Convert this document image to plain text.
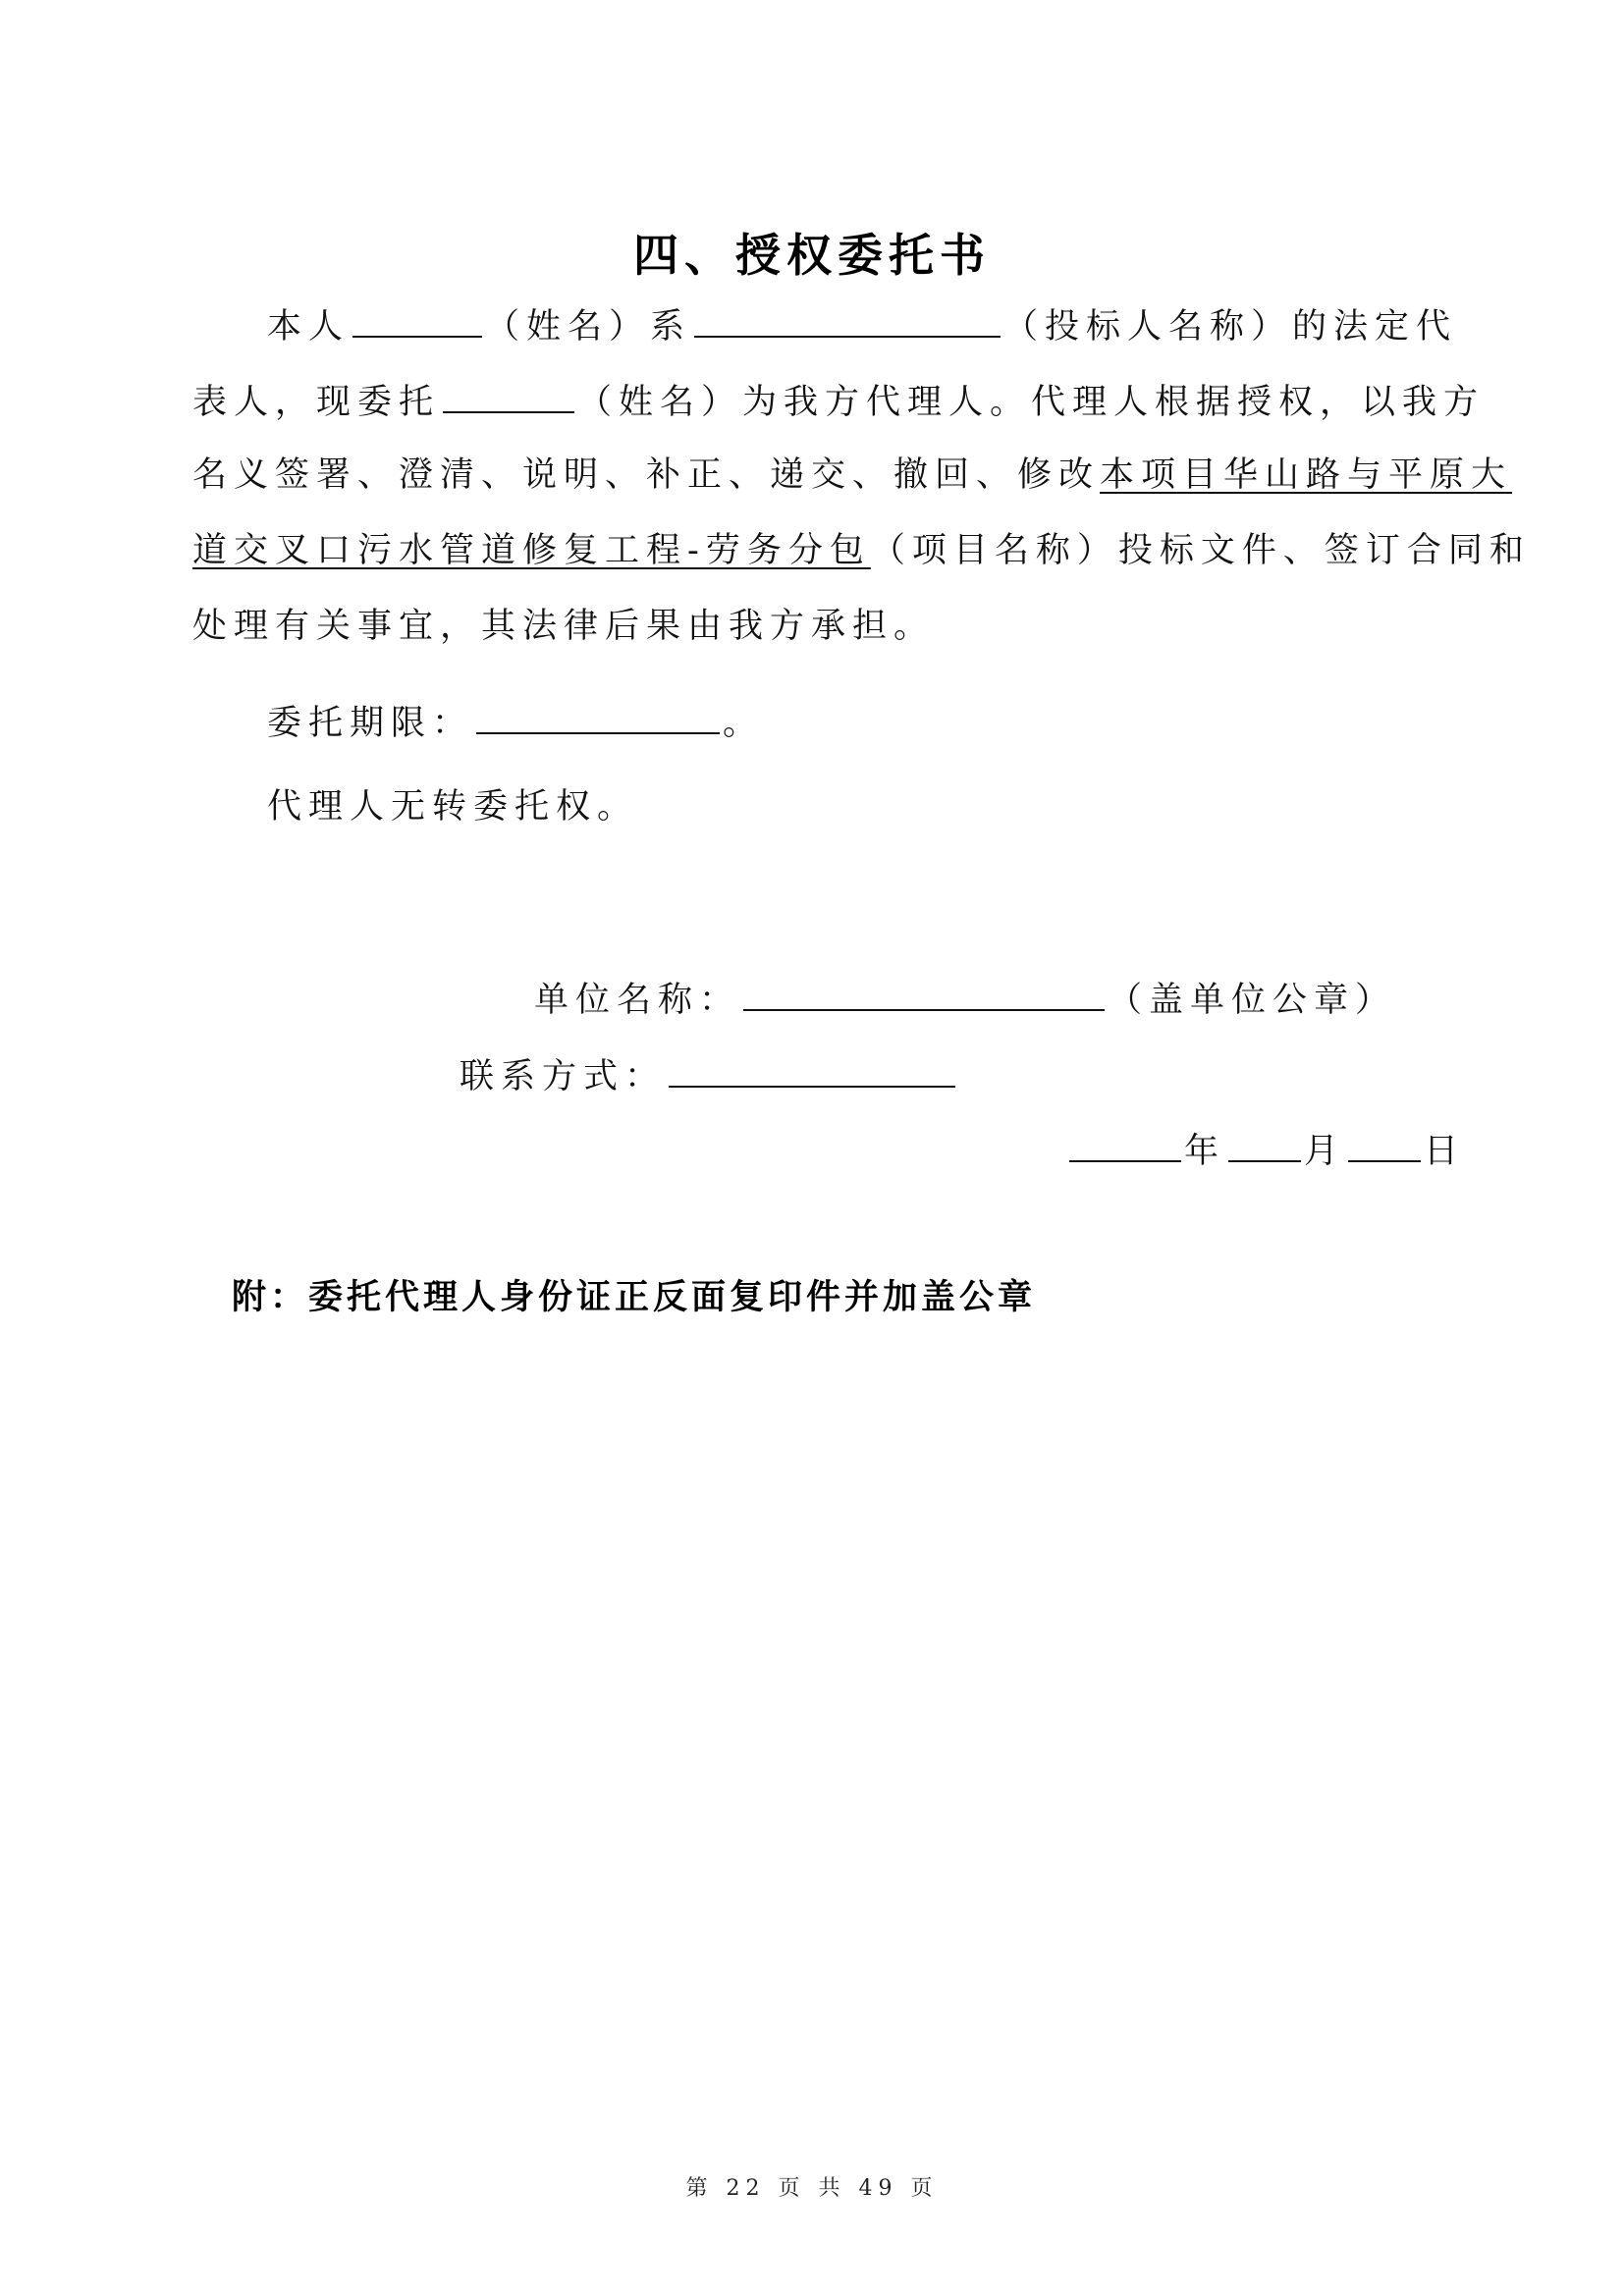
四、授权委托书
本人	（姓名）系	（投标人名称）的法定代
表人，现委托	（姓名）为我方代理人。代理人根据授权，以我方
名义签署、澄清、说明、补正、递交、撤回、修改本项目华山路与平原大
道交叉口污水管道修复工程-劳务分包（项目名称）投标文件、签订合同和
处理有关事宜，其法律后果由我方承担。
委托期限：	。
代理人无转委托权。
单位名称：	（盖单位公章）
联系方式：
年 月 日
附：委托代理人身份证正反面复印件并加盖公章
第 22 页 共 49 页
